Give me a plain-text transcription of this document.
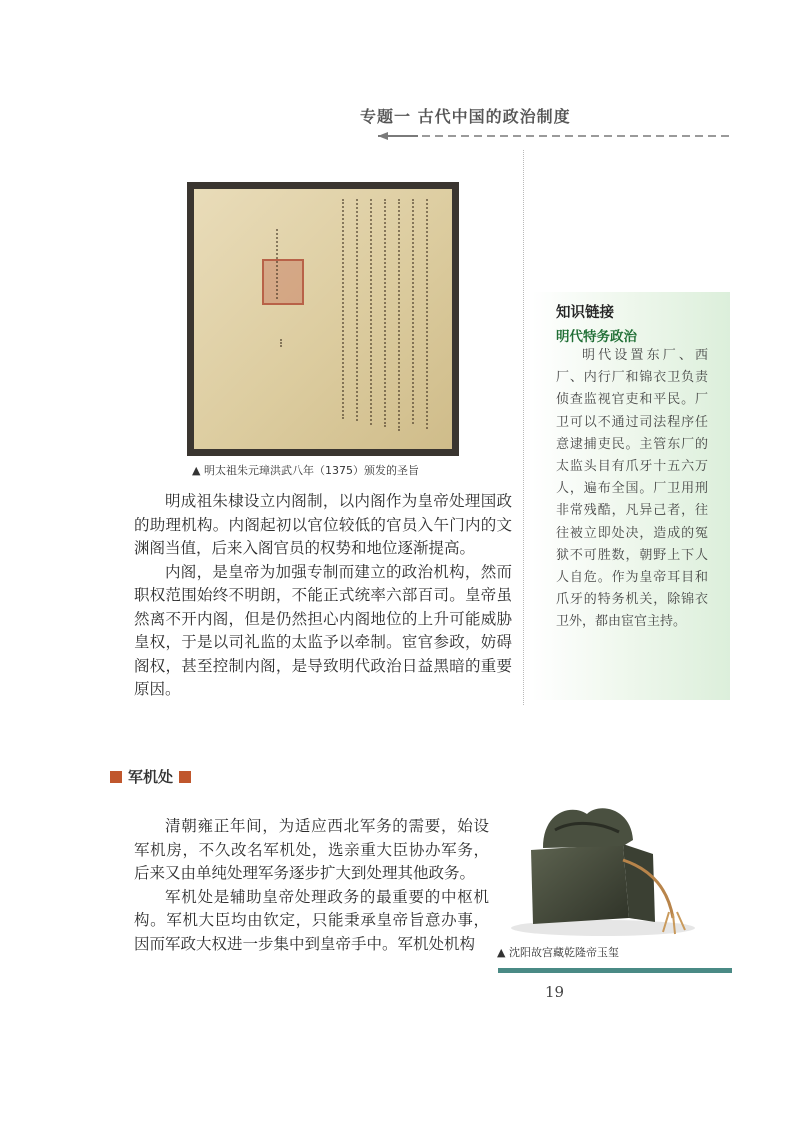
专题一 古代中国的政治制度
▲ 明太祖朱元璋洪武八年（1375）颁发的圣旨

明成祖朱棣设立内阁制，以内阁作为皇帝处理国政的助理机构。内阁起初以官位较低的官员入午门内的文渊阁当值，后来入阁官员的权势和地位逐渐提高。

内阁，是皇帝为加强专制而建立的政治机构，然而职权范围始终不明朗，不能正式统率六部百司。皇帝虽然离不开内阁，但是仍然担心内阁地位的上升可能威胁皇权，于是以司礼监的太监予以牵制。宦官参政，妨碍阁权，甚至控制内阁，是导致明代政治日益黑暗的重要原因。

知识链接
明代特务政治

明代设置东厂、西厂、内行厂和锦衣卫负责侦查监视官吏和平民。厂卫可以不通过司法程序任意逮捕吏民。主管东厂的太监头目有爪牙十五六万人，遍布全国。厂卫用刑非常残酷，凡异己者，往往被立即处决，造成的冤狱不可胜数，朝野上下人人自危。作为皇帝耳目和爪牙的特务机关，除锦衣卫外，都由宦官主持。

军机处

清朝雍正年间，为适应西北军务的需要，始设军机房，不久改名军机处，选亲重大臣协办军务，后来又由单纯处理军务逐步扩大到处理其他政务。

军机处是辅助皇帝处理政务的最重要的中枢机构。军机大臣均由钦定，只能秉承皇帝旨意办事，因而军政大权进一步集中到皇帝手中。军机处机构	▲ 沈阳故宫藏乾隆帝玉玺
19
